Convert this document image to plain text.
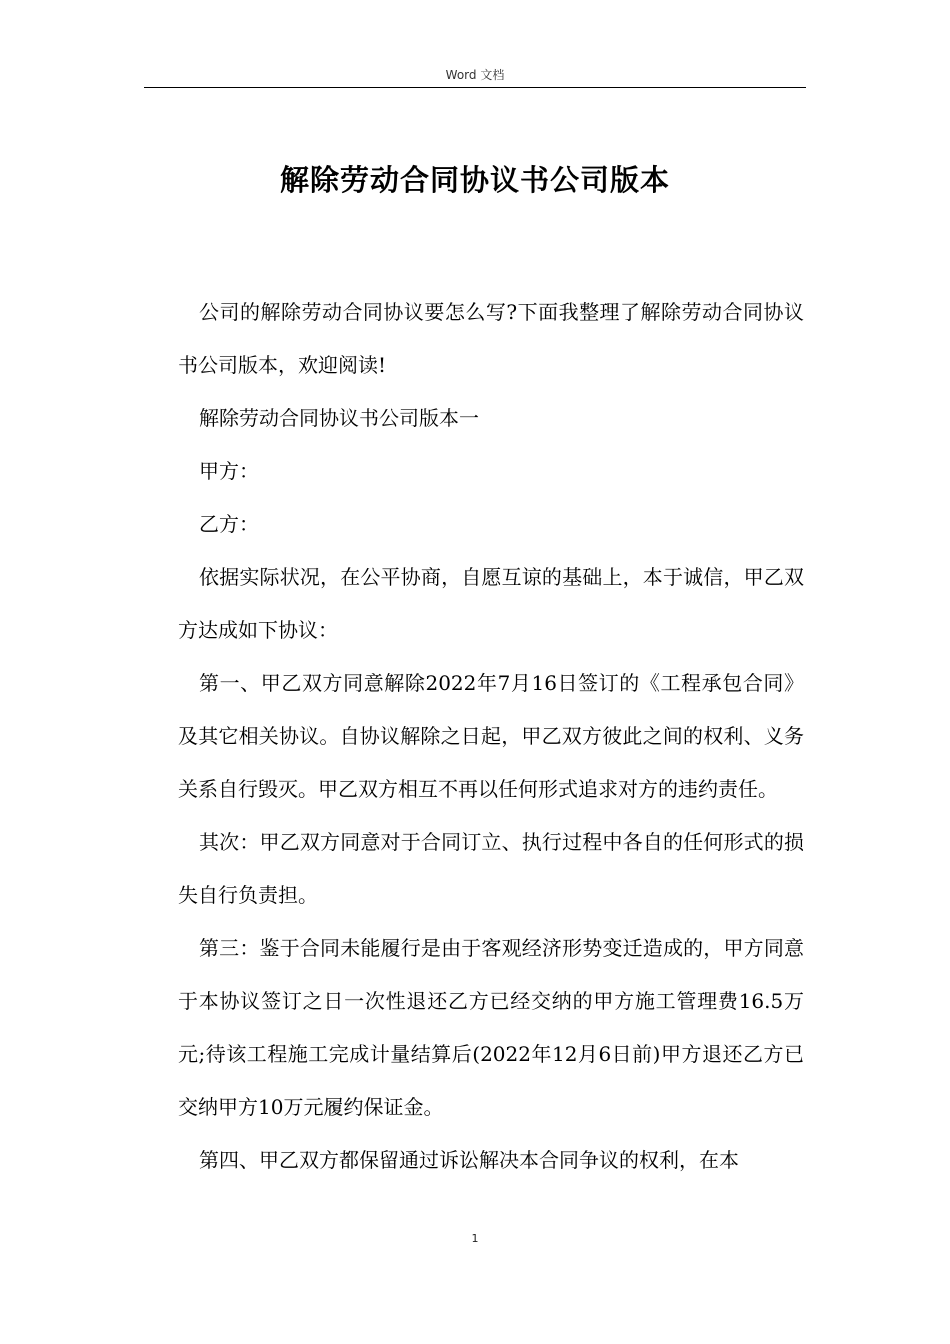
Word 文档
解除劳动合同协议书公司版本

公司的解除劳动合同协议要怎么写?下面我整理了解除劳动合同协议书公司版本，欢迎阅读!

解除劳动合同协议书公司版本一

甲方：

乙方：

依据实际状况，在公平协商，自愿互谅的基础上，本于诚信，甲乙双方达成如下协议：

第一、甲乙双方同意解除2022年7月16日签订的《工程承包合同》及其它相关协议。自协议解除之日起，甲乙双方彼此之间的权利、义务关系自行毁灭。甲乙双方相互不再以任何形式追求对方的违约责任。

其次：甲乙双方同意对于合同订立、执行过程中各自的任何形式的损失自行负责担。

第三：鉴于合同未能履行是由于客观经济形势变迁造成的，甲方同意于本协议签订之日一次性退还乙方已经交纳的甲方施工管理费16.5万元;待该工程施工完成计量结算后(2022年12月6日前)甲方退还乙方已交纳甲方10万元履约保证金。

第四、甲乙双方都保留通过诉讼解决本合同争议的权利，在本

1
